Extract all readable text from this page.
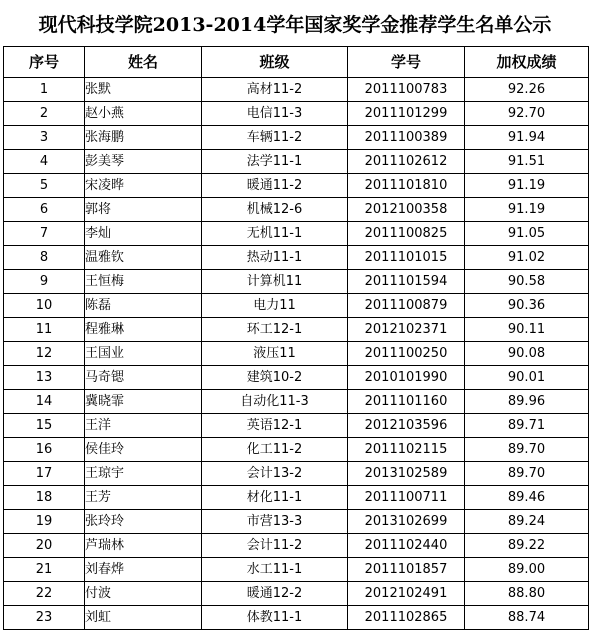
现代科技学院2013-2014学年国家奖学金推荐学生名单公示
序号	姓名	班级	学号	加权成绩
1	张默	高材11-2	2011100783	92.26
2	赵小燕	电信11-3	2011101299	92.70
3	张海鹏	车辆11-2	2011100389	91.94
4	彭美琴	法学11-1	2011102612	91.51
5	宋凌晔	暖通11-2	2011101810	91.19
6	郭将	机械12-6	2012100358	91.19
7	李灿	无机11-1	2011100825	91.05
8	温雅钦	热动11-1	2011101015	91.02
9	王恒梅	计算机11	2011101594	90.58
10	陈磊	电力11	2011100879	90.36
11	程雅琳	环工12-1	2012102371	90.11
12	王国业	液压11	2011100250	90.08
13	马奇锶	建筑10-2	2010101990	90.01
14	冀晓霏	自动化11-3	2011101160	89.96
15	王洋	英语12-1	2012103596	89.71
16	侯佳玲	化工11-2	2011102115	89.70
17	王琼宇	会计13-2	2013102589	89.70
18	王芳	材化11-1	2011100711	89.46
19	张玲玲	市营13-3	2013102699	89.24
20	芦瑞林	会计11-2	2011102440	89.22
21	刘春烨	水工11-1	2011101857	89.00
22	付波	暖通12-2	2012102491	88.80
23	刘虹	体教11-1	2011102865	88.74
